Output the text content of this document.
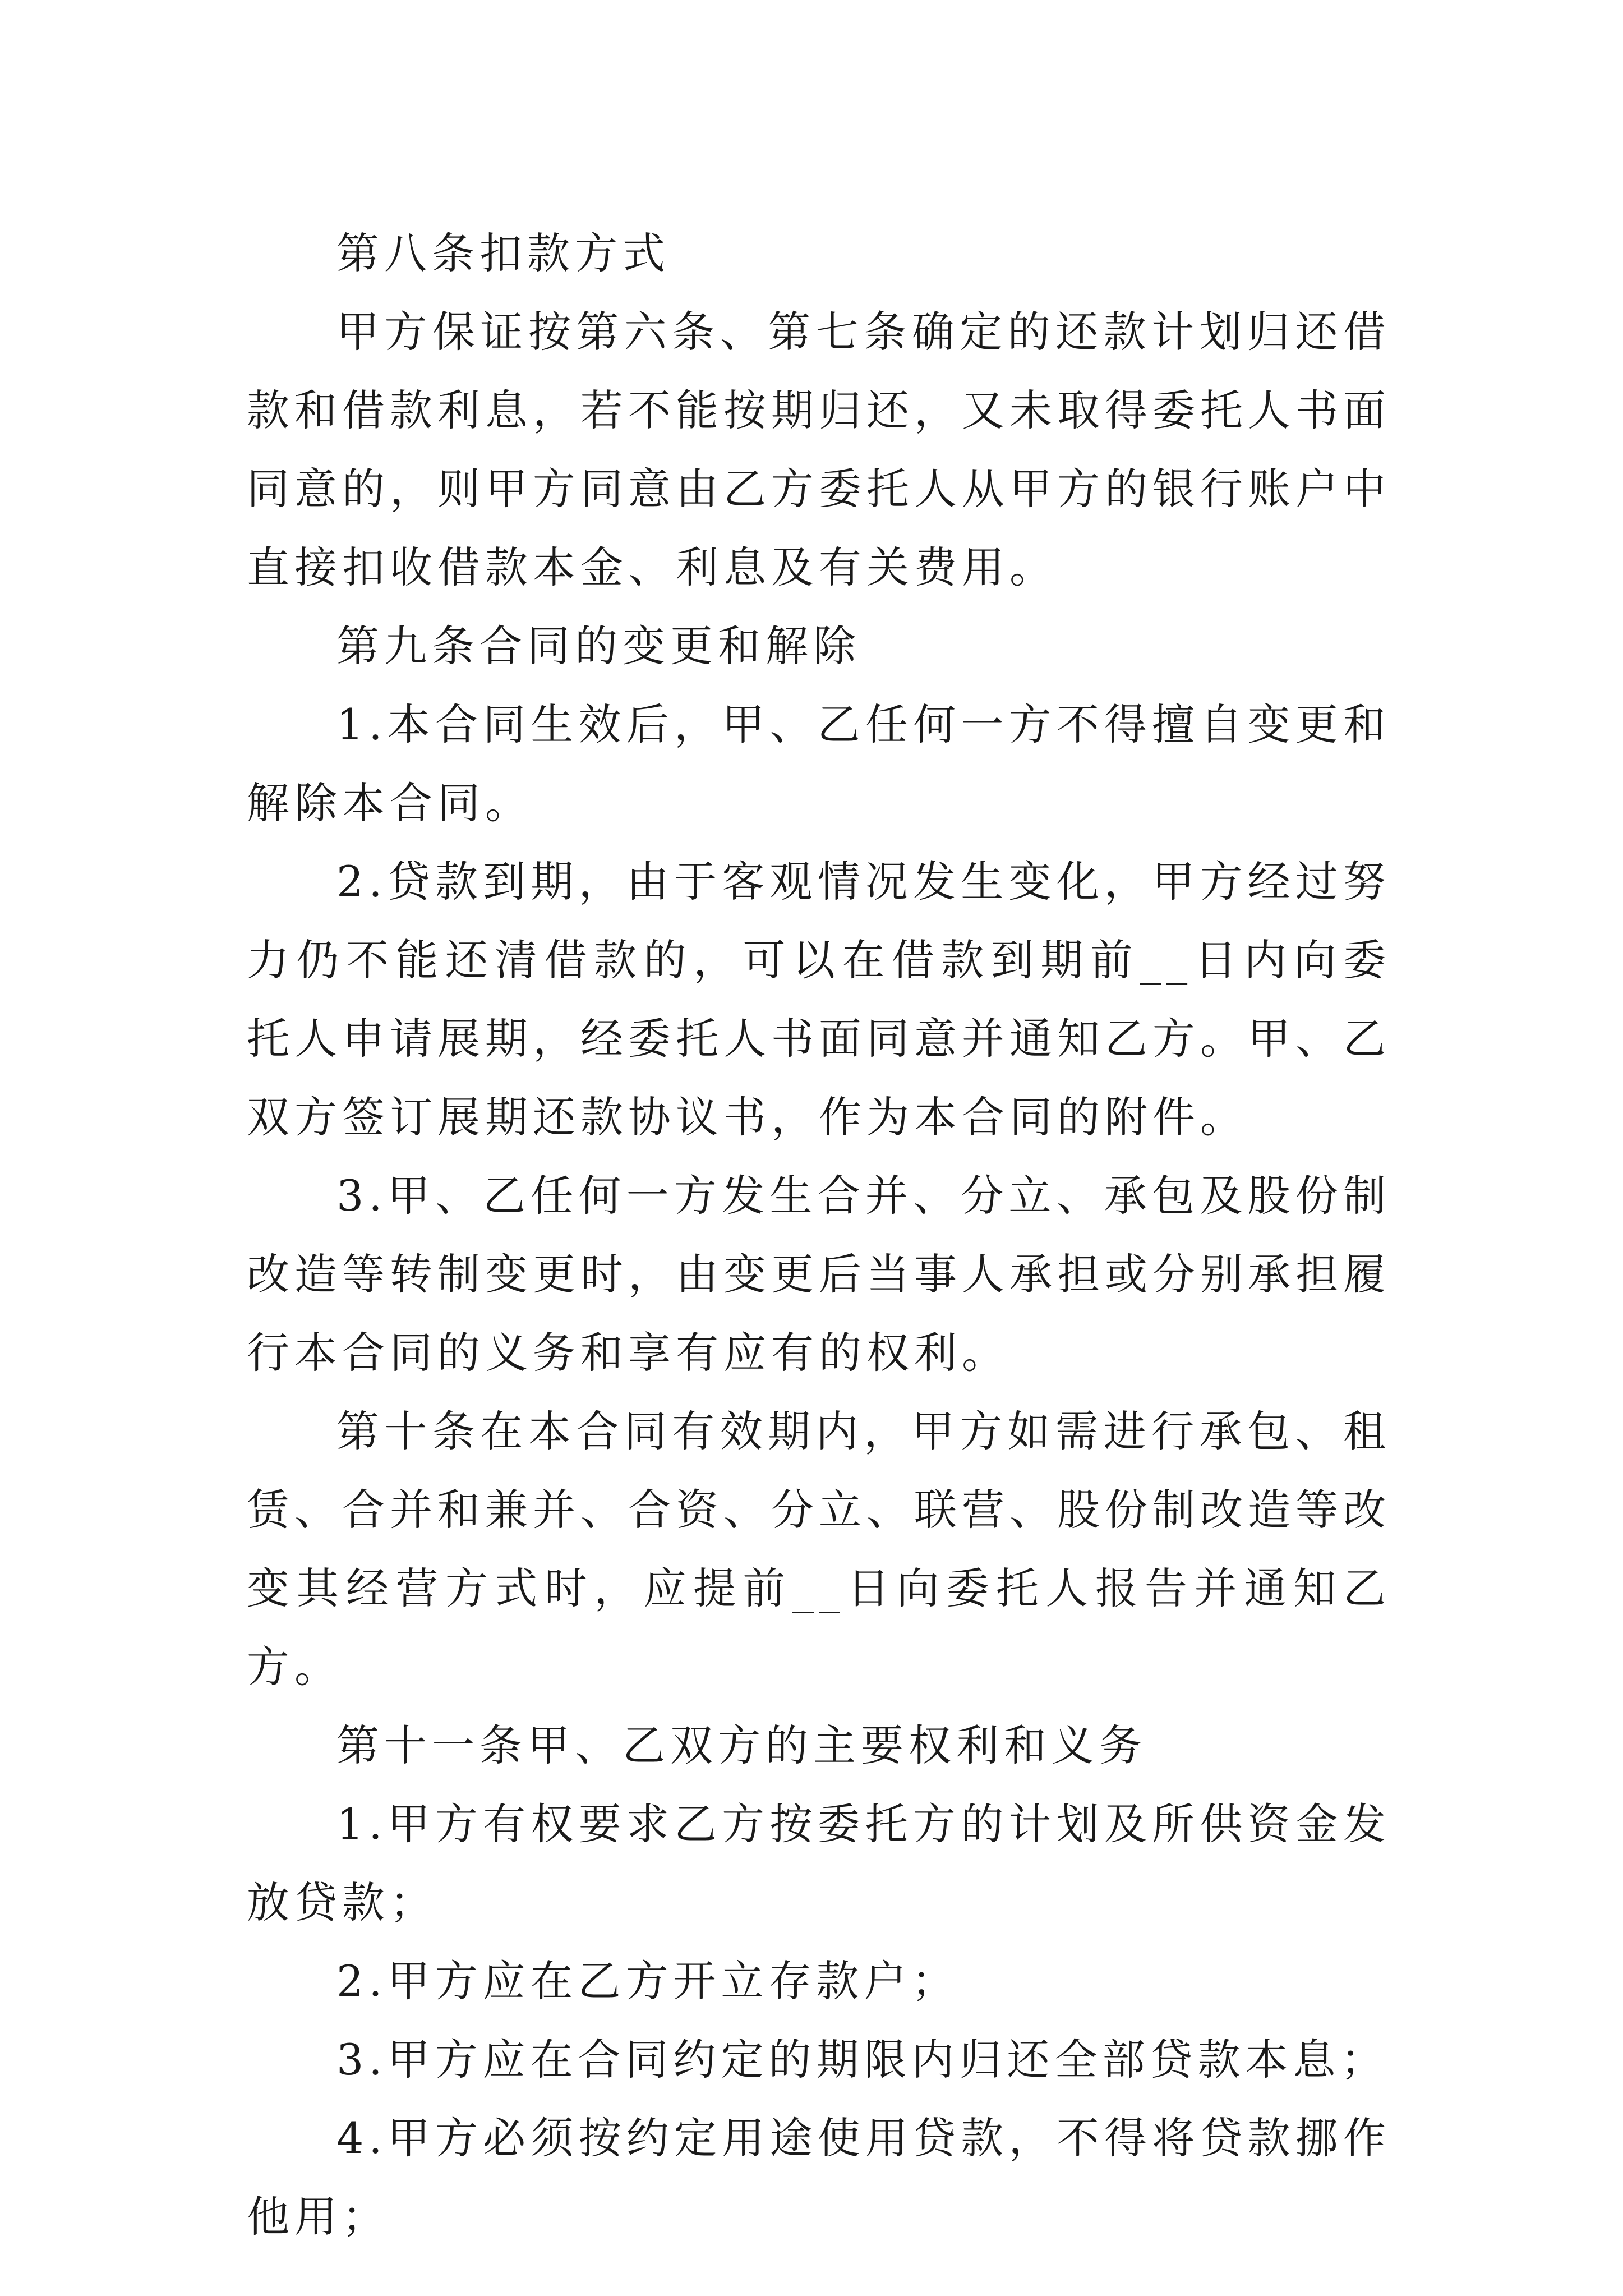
第八条扣款方式

甲方保证按第六条、第七条确定的还款计划归还借款和借款利息，若不能按期归还，又未取得委托人书面同意的，则甲方同意由乙方委托人从甲方的银行账户中直接扣收借款本金、利息及有关费用。

第九条合同的变更和解除

1.本合同生效后，甲、乙任何一方不得擅自变更和解除本合同。

2.贷款到期，由于客观情况发生变化，甲方经过努力仍不能还清借款的，可以在借款到期前__日内向委托人申请展期，经委托人书面同意并通知乙方。甲、乙双方签订展期还款协议书，作为本合同的附件。

3.甲、乙任何一方发生合并、分立、承包及股份制改造等转制变更时，由变更后当事人承担或分别承担履行本合同的义务和享有应有的权利。

第十条在本合同有效期内，甲方如需进行承包、租赁、合并和兼并、合资、分立、联营、股份制改造等改变其经营方式时，应提前__日向委托人报告并通知乙方。

第十一条甲、乙双方的主要权利和义务

1.甲方有权要求乙方按委托方的计划及所供资金发放贷款；

2.甲方应在乙方开立存款户；

3.甲方应在合同约定的期限内归还全部贷款本息；

4.甲方必须按约定用途使用贷款，不得将贷款挪作他用；
